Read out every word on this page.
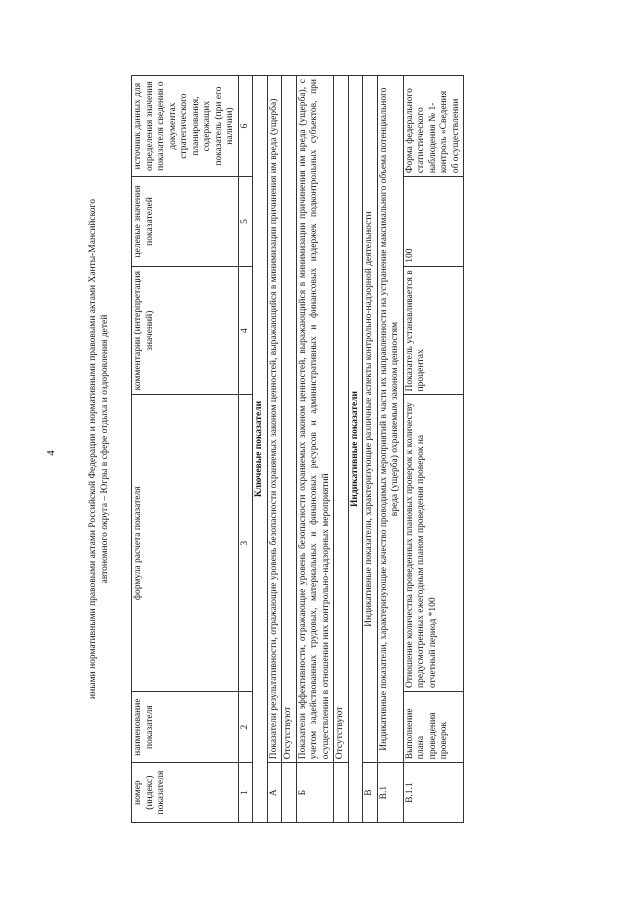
4	иными нормативными правовыми актами Российской Федерации и нормативными правовыми актами Ханты-Мансийского автономного округа – Югры в сфере отдыха и оздоровления детей
номер (индекс) показателя	наименование показателя	формула расчета показателя	комментарии (интерпретация значений)	целевые значения показателей	источник данных для определения значения показателя сведения о документах стратегического планирования, содержащих показатель (при его наличии)
1	2	3	4	5	6
Ключевые показатели					
А	Показатели результативности, отражающие уровень безопасности охраняемых законом ценностей, выражающийся в минимизации причинения им вреда (ущерба)				
	Отсутствуют				
Б	Показатели эффективности, отражающие уровень безопасности охраняемых законом ценностей, выражающийся в минимизации причинения им вреда (ущерба), с учетом задействованных трудовых, материальных и финансовых ресурсов и административных и финансовых издержек подконтрольных субъектов, при осуществлении в отношении них контрольно-надзорных мероприятий				
	Отсутствуют				
Индикативные показатели					
В	Индикативные показатели, характеризующие различные аспекты контрольно-надзорной деятельности				
В.1	Индикативные показатели, характеризующие качество проводимых мероприятий в части их направленности на устранение максимального объема потенциального вреда (ущерба) охраняемым законом ценностям				
В.1.1	Выполнение плана проведения проверок	Отношение количества проведенных плановых проверок к количеству предусмотренных ежегодным планом проведения проверок на отчетный период *100	Показатель устанавливается в процентах	100	Форма федерального статистического наблюдения № 1-контроль «Сведения об осуществлении
